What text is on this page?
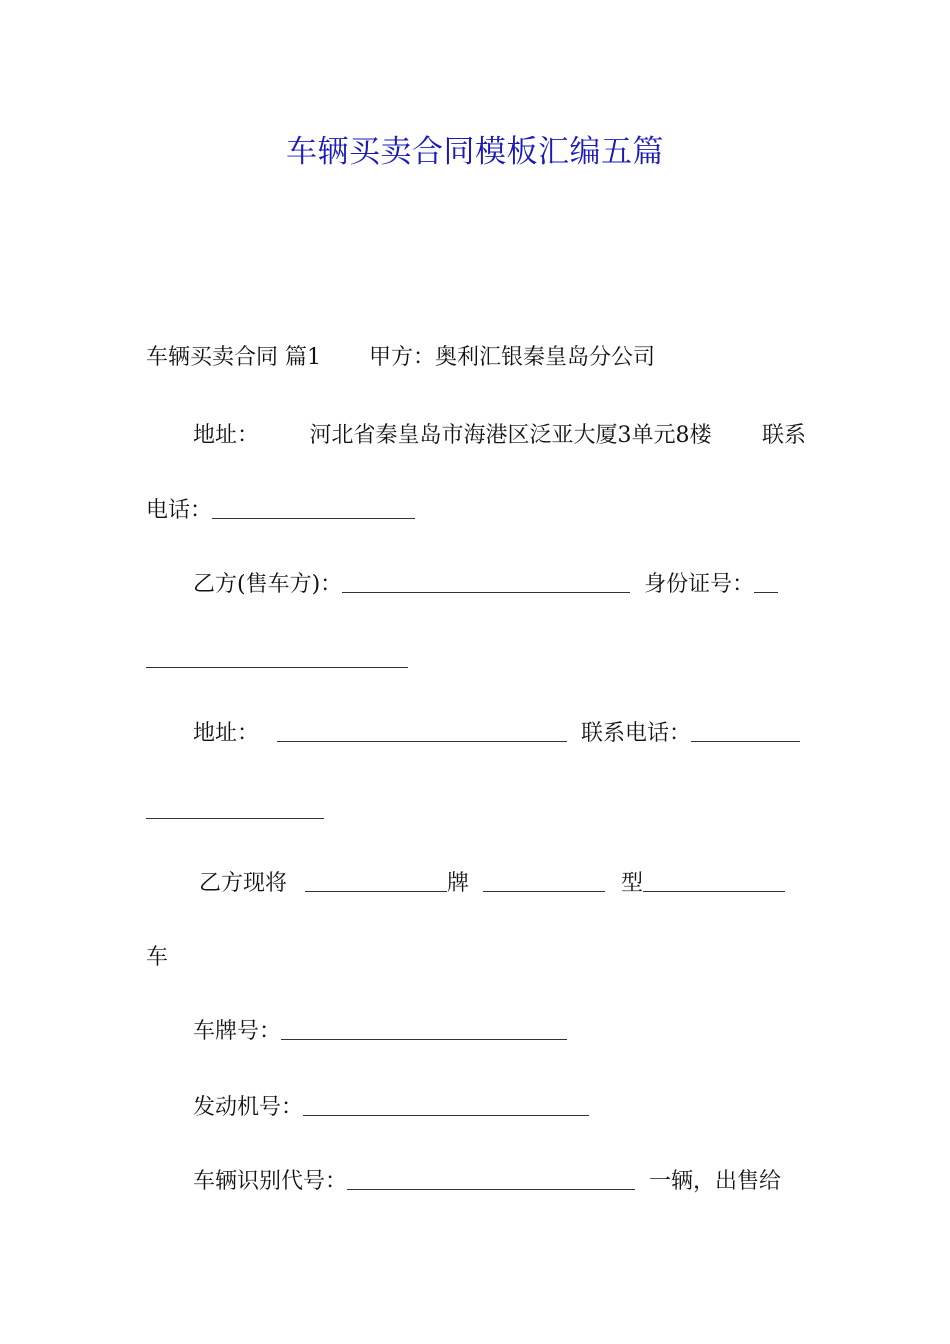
车辆买卖合同模板汇编五篇
车辆买卖合同 篇1 甲方：奥利汇银秦皇岛分公司
地址： 河北省秦皇岛市海港区泛亚大厦3单元8楼 联系
电话：
乙方(售车方)：	身份证号：
地址：	联系电话：
乙方现将	牌	型
车
车牌号：
发动机号：
车辆识别代号：	一辆，出售给
